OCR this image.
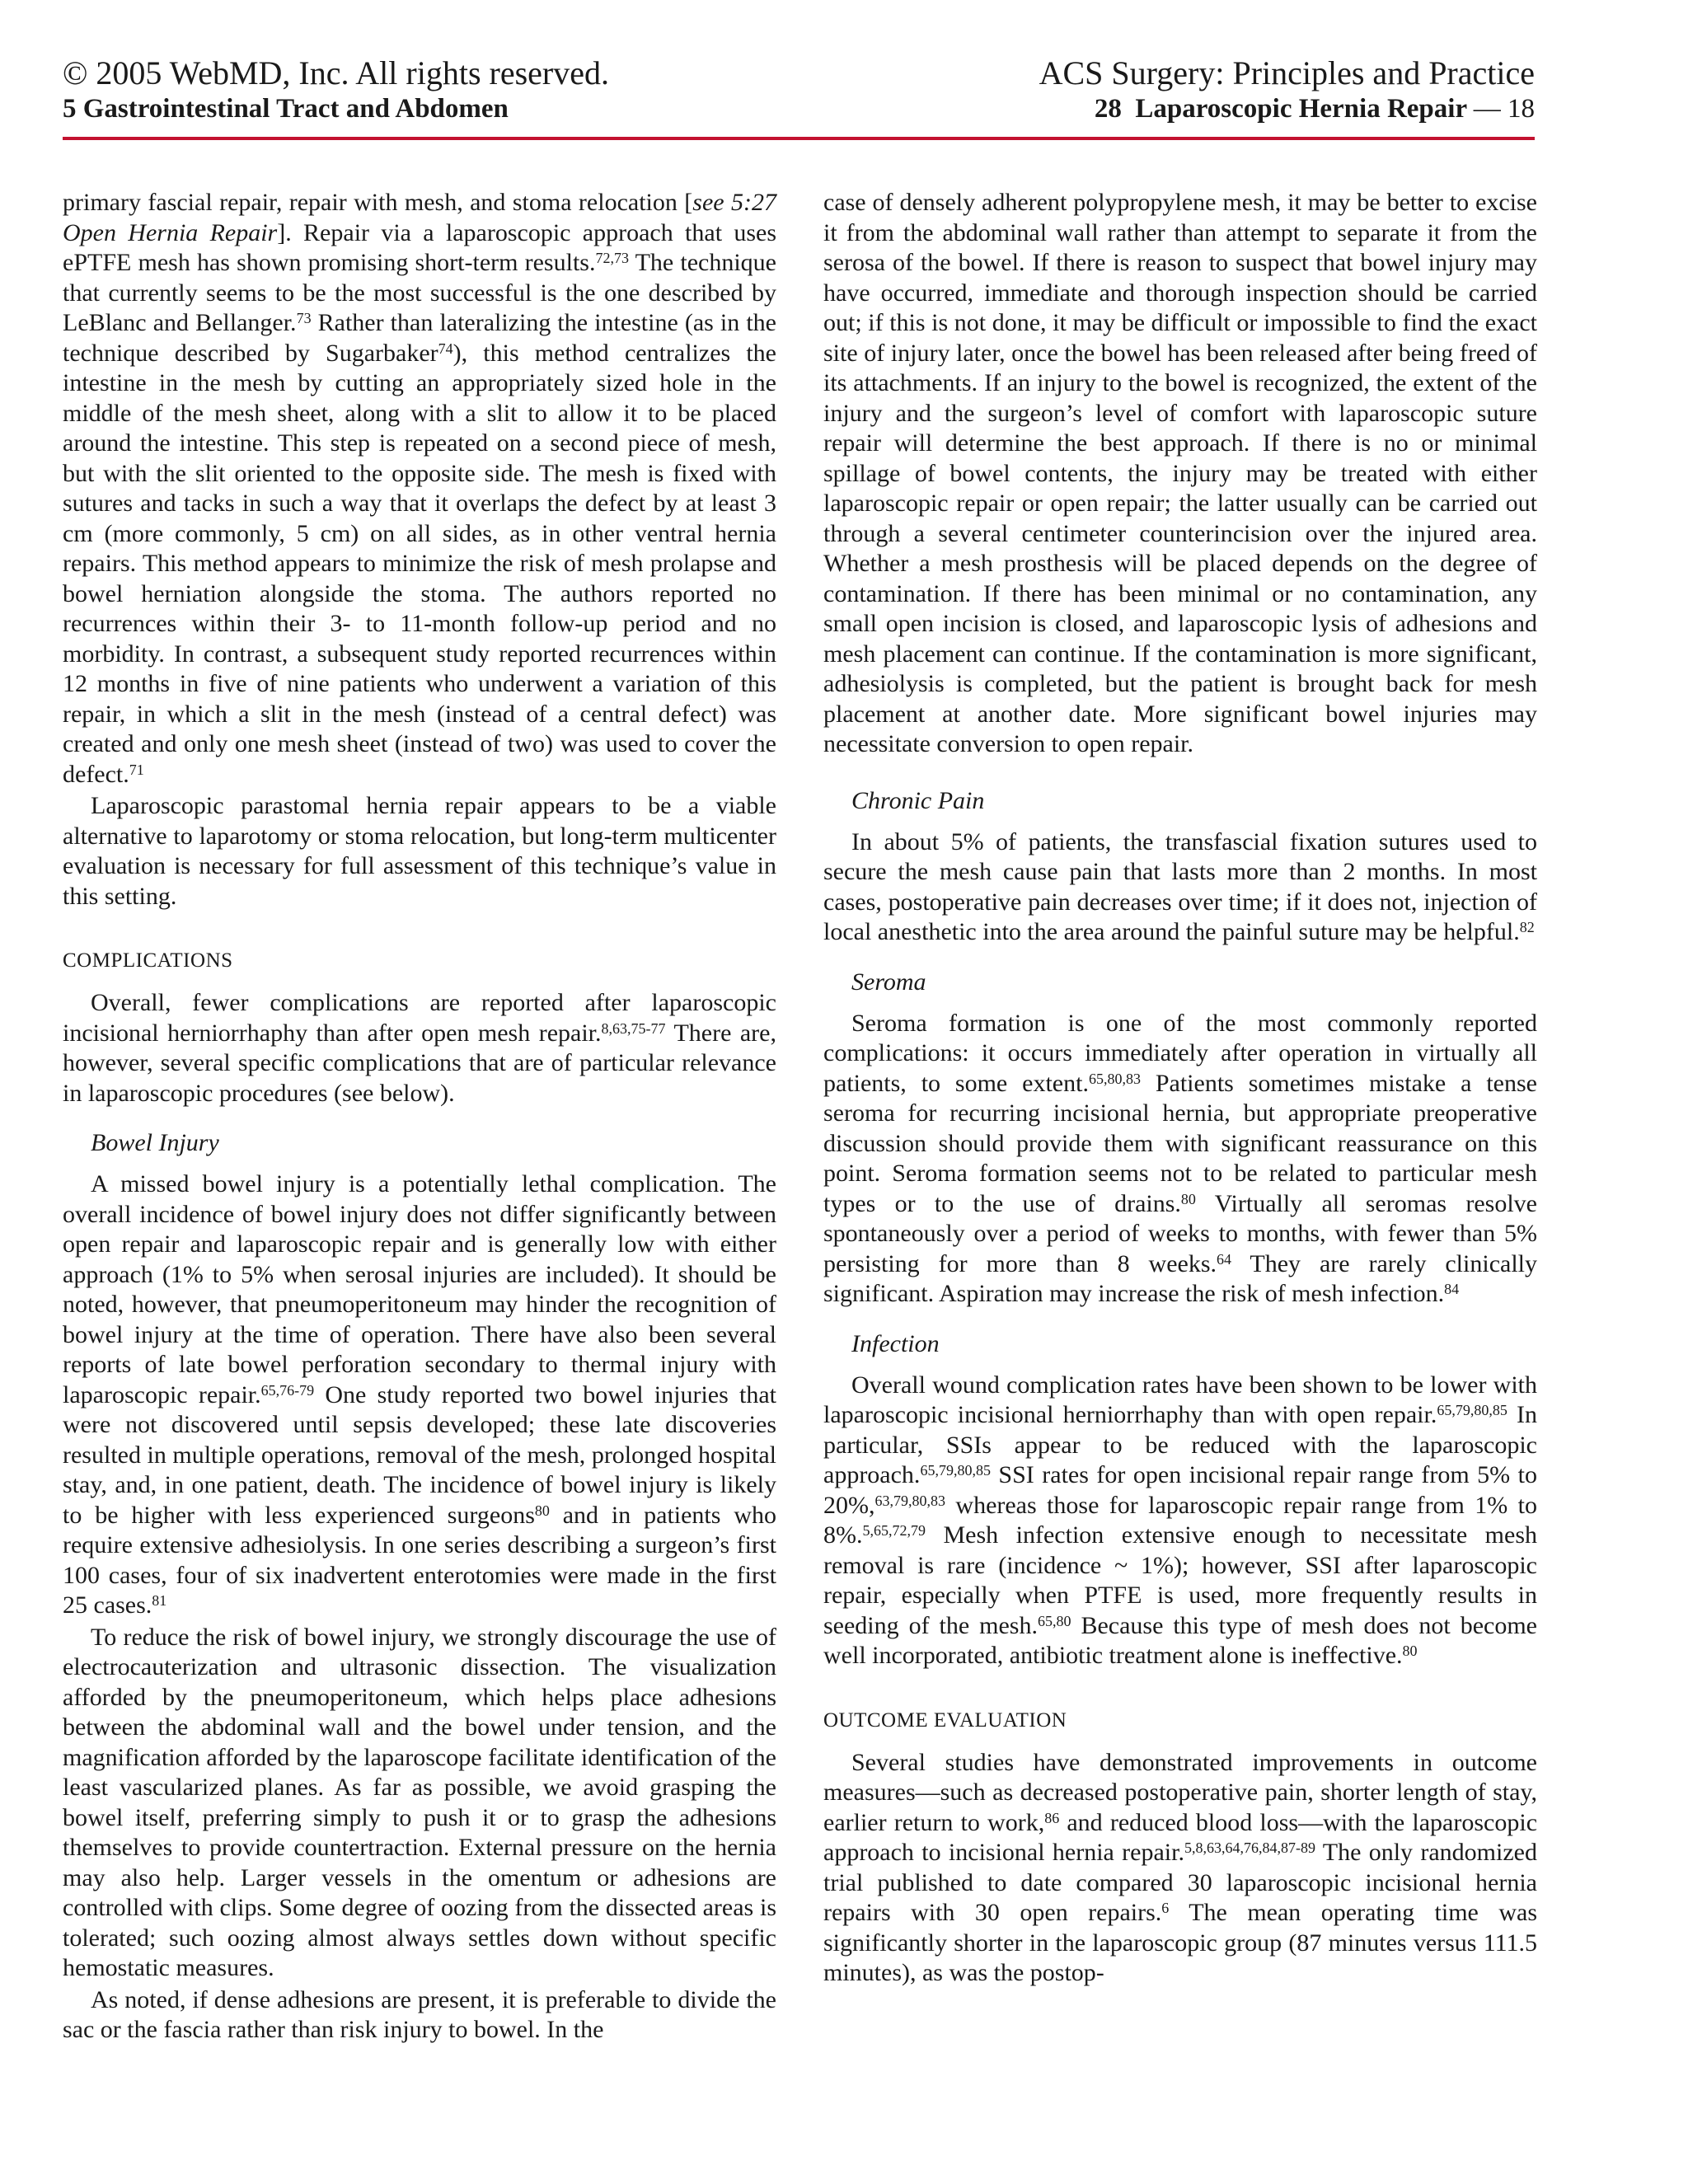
© 2005 WebMD, Inc. All rights reserved.
5 Gastrointestinal Tract and Abdomen
ACS Surgery: Principles and Practice
28 Laparoscopic Hernia Repair — 18

primary fascial repair, repair with mesh, and stoma relocation [see 5:27 Open Hernia Repair]. Repair via a laparoscopic approach that uses ePTFE mesh has shown promising short-term results.$^{72,73}$ The technique that currently seems to be the most successful is the one described by LeBlanc and Bellanger.$^{73}$ Rather than lateralizing the intestine (as in the technique described by Sugarbaker$^{74}$), this method centralizes the intestine in the mesh by cutting an appropriately sized hole in the middle of the mesh sheet, along with a slit to allow it to be placed around the intestine. This step is repeated on a second piece of mesh, but with the slit oriented to the opposite side. The mesh is fixed with sutures and tacks in such a way that it overlaps the defect by at least 3 cm (more commonly, 5 cm) on all sides, as in other ventral hernia repairs. This method appears to minimize the risk of mesh prolapse and bowel herniation alongside the stoma. The authors reported no recurrences within their 3- to 11-month follow-up period and no morbidity. In contrast, a subsequent study reported recurrences within 12 months in five of nine patients who underwent a variation of this repair, in which a slit in the mesh (instead of a central defect) was created and only one mesh sheet (instead of two) was used to cover the defect.$^{71}$

Laparoscopic parastomal hernia repair appears to be a viable alternative to laparotomy or stoma relocation, but long-term multicenter evaluation is necessary for full assessment of this technique’s value in this setting.

COMPLICATIONS

Overall, fewer complications are reported after laparoscopic incisional herniorrhaphy than after open mesh repair.$^{8,63,75-77}$ There are, however, several specific complications that are of particular relevance in laparoscopic procedures (see below).

Bowel Injury

A missed bowel injury is a potentially lethal complication. The overall incidence of bowel injury does not differ significantly between open repair and laparoscopic repair and is generally low with either approach (1% to 5% when serosal injuries are included). It should be noted, however, that pneumoperitoneum may hinder the recognition of bowel injury at the time of operation. There have also been several reports of late bowel perforation secondary to thermal injury with laparoscopic repair.$^{65,76-79}$ One study reported two bowel injuries that were not discovered until sepsis developed; these late discoveries resulted in multiple operations, removal of the mesh, prolonged hospital stay, and, in one patient, death. The incidence of bowel injury is likely to be higher with less experienced surgeons$^{80}$ and in patients who require extensive adhesiolysis. In one series describing a surgeon’s first 100 cases, four of six inadvertent enterotomies were made in the first 25 cases.$^{81}$

To reduce the risk of bowel injury, we strongly discourage the use of electrocauterization and ultrasonic dissection. The visualization afforded by the pneumoperitoneum, which helps place adhesions between the abdominal wall and the bowel under tension, and the magnification afforded by the laparoscope facilitate identification of the least vascularized planes. As far as possible, we avoid grasping the bowel itself, preferring simply to push it or to grasp the adhesions themselves to provide countertraction. External pressure on the hernia may also help. Larger vessels in the omentum or adhesions are controlled with clips. Some degree of oozing from the dissected areas is tolerated; such oozing almost always settles down without specific hemostatic measures.

As noted, if dense adhesions are present, it is preferable to divide the sac or the fascia rather than risk injury to bowel. In the

case of densely adherent polypropylene mesh, it may be better to excise it from the abdominal wall rather than attempt to separate it from the serosa of the bowel. If there is reason to suspect that bowel injury may have occurred, immediate and thorough inspection should be carried out; if this is not done, it may be difficult or impossible to find the exact site of injury later, once the bowel has been released after being freed of its attachments. If an injury to the bowel is recognized, the extent of the injury and the surgeon’s level of comfort with laparoscopic suture repair will determine the best approach. If there is no or minimal spillage of bowel contents, the injury may be treated with either laparoscopic repair or open repair; the latter usually can be carried out through a several centimeter counterincision over the injured area. Whether a mesh prosthesis will be placed depends on the degree of contamination. If there has been minimal or no contamination, any small open incision is closed, and laparoscopic lysis of adhesions and mesh placement can continue. If the contamination is more significant, adhesiolysis is completed, but the patient is brought back for mesh placement at another date. More significant bowel injuries may necessitate conversion to open repair.

Chronic Pain

In about 5% of patients, the transfascial fixation sutures used to secure the mesh cause pain that lasts more than 2 months. In most cases, postoperative pain decreases over time; if it does not, injection of local anesthetic into the area around the painful suture may be helpful.$^{82}$

Seroma

Seroma formation is one of the most commonly reported complications: it occurs immediately after operation in virtually all patients, to some extent.$^{65,80,83}$ Patients sometimes mistake a tense seroma for recurring incisional hernia, but appropriate preoperative discussion should provide them with significant reassurance on this point. Seroma formation seems not to be related to particular mesh types or to the use of drains.$^{80}$ Virtually all seromas resolve spontaneously over a period of weeks to months, with fewer than 5% persisting for more than 8 weeks.$^{64}$ They are rarely clinically significant. Aspiration may increase the risk of mesh infection.$^{84}$

Infection

Overall wound complication rates have been shown to be lower with laparoscopic incisional herniorrhaphy than with open repair.$^{65,79,80,85}$ In particular, SSIs appear to be reduced with the laparoscopic approach.$^{65,79,80,85}$ SSI rates for open incisional repair range from 5% to 20%,$^{63,79,80,83}$ whereas those for laparoscopic repair range from 1% to 8%.$^{5,65,72,79}$ Mesh infection extensive enough to necessitate mesh removal is rare (incidence ~ 1%); however, SSI after laparoscopic repair, especially when PTFE is used, more frequently results in seeding of the mesh.$^{65,80}$ Because this type of mesh does not become well incorporated, antibiotic treatment alone is ineffective.$^{80}$

OUTCOME EVALUATION

Several studies have demonstrated improvements in outcome measures—such as decreased postoperative pain, shorter length of stay, earlier return to work,$^{86}$ and reduced blood loss—with the laparoscopic approach to incisional hernia repair.$^{5,8,63,64,76,84,87-89}$ The only randomized trial published to date compared 30 laparoscopic incisional hernia repairs with 30 open repairs.$^6$ The mean operating time was significantly shorter in the laparoscopic group (87 minutes versus 111.5 minutes), as was the postop-
